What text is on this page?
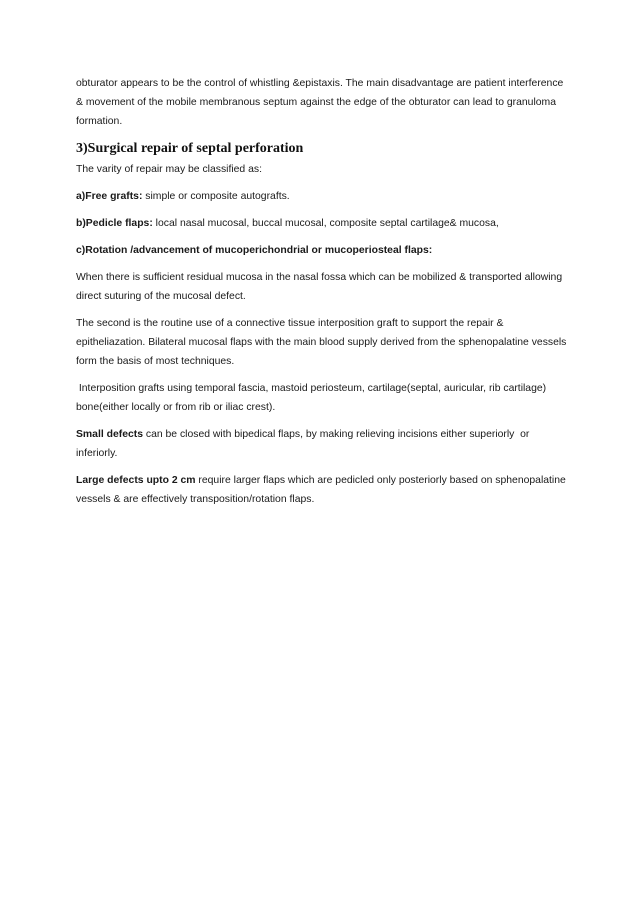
obturator appears to be the control of whistling &epistaxis. The main disadvantage are patient interference & movement of the mobile membranous septum against the edge of the obturator can lead to granuloma formation.

3)Surgical repair of septal perforation

The varity of repair may be classified as:

a)Free grafts: simple or composite autografts.

b)Pedicle flaps: local nasal mucosal, buccal mucosal, composite septal cartilage& mucosa,

c)Rotation /advancement of mucoperichondrial or mucoperiosteal flaps:

When there is sufficient residual mucosa in the nasal fossa which can be mobilized & transported allowing direct suturing of the mucosal defect.

The second is the routine use of a connective tissue interposition graft to support the repair & epitheliazation. Bilateral mucosal flaps with the main blood supply derived from the sphenopalatine vessels form the basis of most techniques.

Interposition grafts using temporal fascia, mastoid periosteum, cartilage(septal, auricular, rib cartilage) bone(either locally or from rib or iliac crest).

Small defects can be closed with bipedical flaps, by making relieving incisions either superiorly  or inferiorly.

Large defects upto 2 cm require larger flaps which are pedicled only posteriorly based on sphenopalatine vessels & are effectively transposition/rotation flaps.
